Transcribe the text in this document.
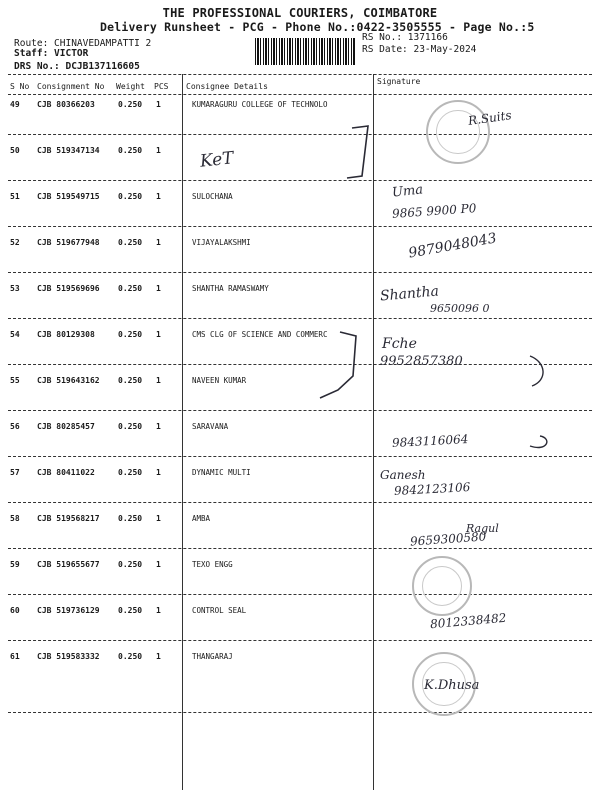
THE PROFESSIONAL COURIERS, COIMBATORE
Delivery Runsheet - PCG - Phone No.:0422-3505555 - Page No.:5
Route: CHINAVEDAMPATTI 2
Staff: VICTOR
DRS No.: DCJB137116605
RS No.: 1371166
RS Date: 23-May-2024
S No Consignment No Weight PCS Consignee Details
Signature
49 CJB 80366203	0.250 1	KUMARAGURU COLLEGE OF TECHNOLO
50 CJB 519347134 0.250 1
51 CJB 519549715 0.250 1	SULOCHANA
52 CJB 519677948 0.250 1	VIJAYALAKSHMI
53 CJB 519569696 0.250 1	SHANTHA RAMASWAMY
54 CJB 80129308	0.250 1	CMS CLG OF SCIENCE AND COMMERC
55 CJB 519643162 0.250 1	NAVEEN KUMAR
56 CJB 80285457	0.250 1	SARAVANA
57 CJB 80411022	0.250 1	DYNAMIC MULTI
58 CJB 519568217 0.250 1	AMBA
59 CJB 519655677 0.250 1	TEXO ENGG
60 CJB 519736129 0.250 1	CONTROL SEAL
61 CJB 519583332 0.250 1	THANGARAJ
R.Suits
KeT
Uma
9865 9900 P0
9879048043
Shantha
9650096 0
Fche
9952857380
9843116064
Ganesh
9842123106
Ragul
9659300580
8012338482
K.Dhusa
